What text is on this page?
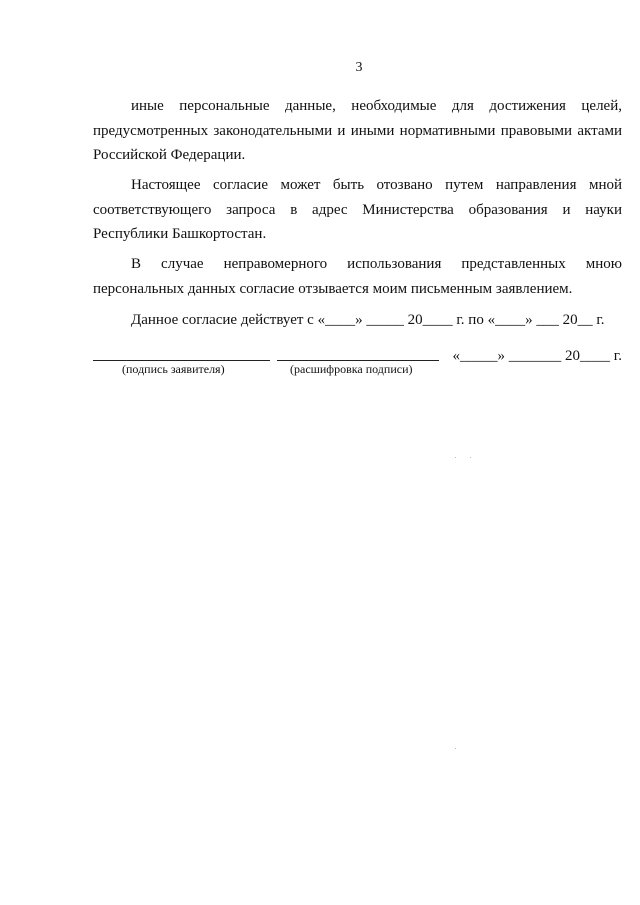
3

иные персональные данные, необходимые для достижения целей, предусмотренных законодательными и иными нормативными правовыми актами Российской Федерации.

Настоящее согласие может быть отозвано путем направления мной соответствующего запроса в адрес Министерства образования и науки Республики Башкортостан.

В случае неправомерного использования представленных мною персональных данных согласие отзывается моим письменным заявлением.

Данное согласие действует с «____» _____ 20____ г. по «____» ___ 20__ г.
«_____» _______ 20____ г.
(подпись заявителя)	(расшифровка подписи)
